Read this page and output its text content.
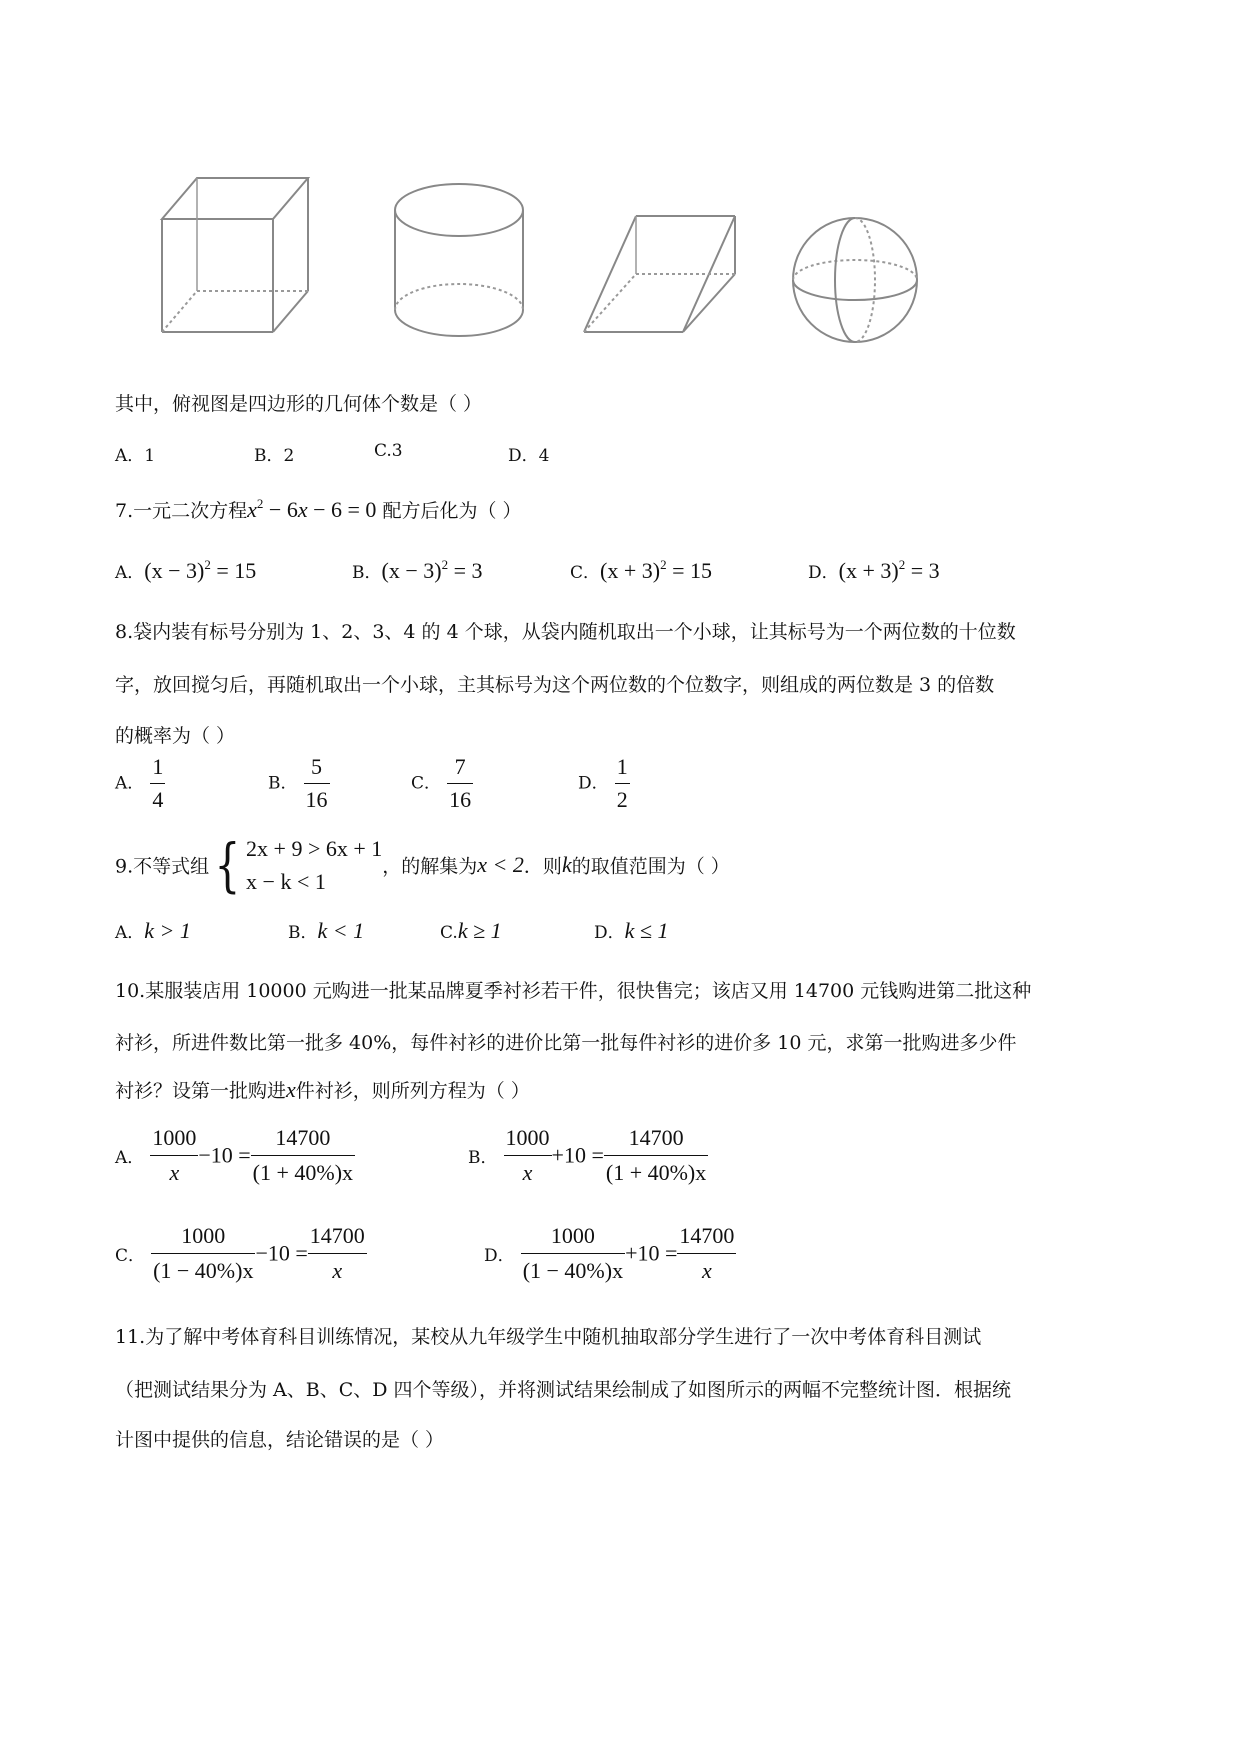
其中，俯视图是四边形的几何体个数是（ ）
A．1	B．2	C.3	D．4
7.一元二次方程$x^2 - 6x - 6 = 0$ 配方后化为（ ）
A．$(x - 3)^2 = 15$	B．$(x - 3)^2 = 3$	C．$(x + 3)^2 = 15$	D．$(x + 3)^2 = 3$
8.袋内装有标号分别为 1、2、3、4 的 4 个球，从袋内随机取出一个小球，让其标号为一个两位数的十位数
字，放回搅匀后，再随机取出一个小球，主其标号为这个两位数的个位数字，则组成的两位数是 3 的倍数
的概率为（ ）
A． $\frac{1}{4}$	B． $\frac{5}{16}$	C． $\frac{7}{16}$	D． $\frac{1}{2}$
9.不等式组{ 2x + 9 > 6x + 1
x − k < 1
，的解集为x < 2．则k的取值范围为（ ）
A．k > 1	B．k < 1	C.k ≥ 1	D．k ≤ 1
10.某服装店用 10000 元购进一批某品牌夏季衬衫若干件，很快售完；该店又用 14700 元钱购进第二批这种
衬衫，所进件数比第一批多 40%，每件衬衫的进价比第一批每件衬衫的进价多 10 元，求第一批购进多少件
衬衫？设第一批购进x件衬衫，则所列方程为（ ）
A． $\frac{1000}{x} -10 = \frac{14700}{(1 + 40\%)x}$	B． $\frac{1000}{x} +10 = \frac{14700}{(1 + 40\%)x}$
C． $\frac{1000}{(1 - 40\%)x} -10 = \frac{14700}{x}$	D． $\frac{1000}{(1 - 40\%)x} +10 = \frac{14700}{x}$
11.为了解中考体育科目训练情况，某校从九年级学生中随机抽取部分学生进行了一次中考体育科目测试
（把测试结果分为 A、B、C、D 四个等级），并将测试结果绘制成了如图所示的两幅不完整统计图．根据统
计图中提供的信息，结论错误的是（ ）
